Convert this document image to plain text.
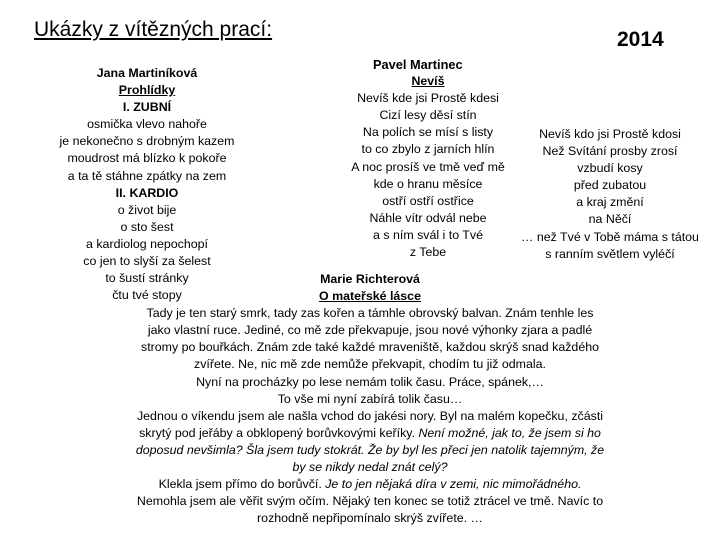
Ukázky z vítězných prací:	2014
Jana Martiníková
Prohlídky
I. ZUBNÍ
osmička vlevo nahoře
je nekonečno s drobným kazem
moudrost má blízko k pokoře
a ta tě stáhne zpátky na zem
II. KARDIO
o život bije
o sto šest
a kardiolog nepochopí
co jen to slyší za šelest
to šustí stránky
čtu tvé stopy
Pavel Martinec
Nevíš
Nevíš kde jsi Prostě kdesi
Cizí lesy děsí stín
Na polích se mísí s listy
to co zbylo z jarních hlín
A noc prosíš ve tmě veď mě
kde o hranu měsíce
ostří ostří ostřice
Náhle vítr odvál nebe
a s ním svál i to Tvé
z Tebe
Nevíš kdo jsi Prostě kdosi
Než Svítání prosby zrosí
vzbudí kosy
před zubatou
a kraj změní
na Něčí
… než Tvé v Tobě máma s tátou
s ranním světlem vyléčí
Marie Richterová
O mateřské lásce
Tady je ten starý smrk, tady zas kořen a támhle obrovský balvan. Znám tenhle les
jako vlastní ruce. Jediné, co mě zde překvapuje, jsou nové výhonky zjara a padlé
stromy po bouřkách. Znám zde také každé mraveniště, každou skrýš snad každého
zvířete. Ne, nic mě zde nemůže překvapit, chodím tu již odmala.
Nyní na procházky po lese nemám tolik času. Práce, spánek,…
To vše mi nyní zabírá tolik času…
Jednou o víkendu jsem ale našla vchod do jakési nory. Byl na malém kopečku, zčásti
skrytý pod jeřáby a obklopený borůvkovými keříky. Není možné, jak to, že jsem si ho
doposud nevšimla? Šla jsem tudy stokrát. Že by byl les přeci jen natolik tajemným, že
by se nikdy nedal znát celý?
Klekla jsem přímo do borůvčí. Je to jen nějaká díra v zemi, nic mimořádného.
Nemohla jsem ale věřit svým očím. Nějaký ten konec se totiž ztrácel ve tmě. Navíc to
rozhodně nepřipomínalo skrýš zvířete. …
